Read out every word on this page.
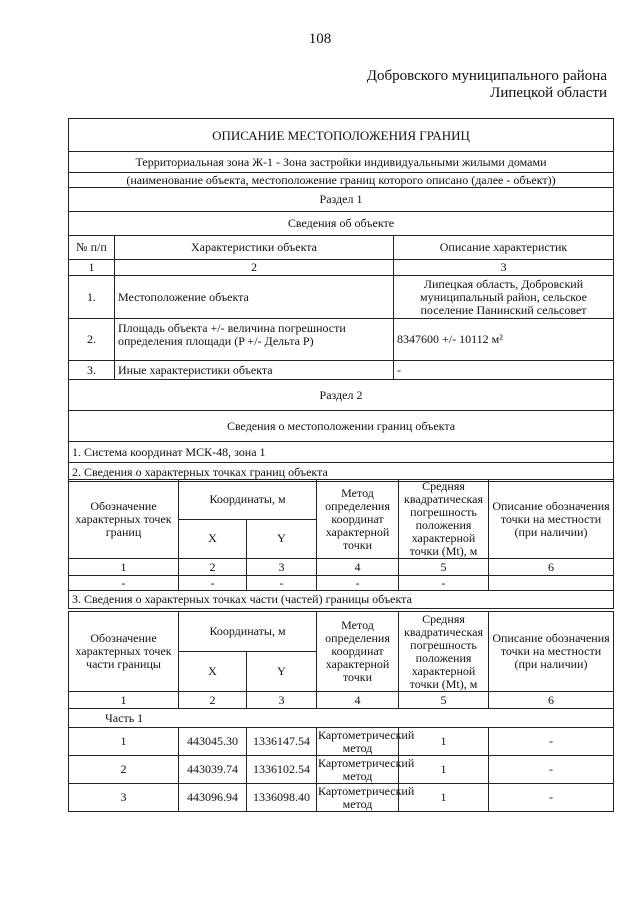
108
Добровского муниципального района
Липецкой области
ОПИСАНИЕ МЕСТОПОЛОЖЕНИЯ ГРАНИЦ		
Территориальная зона Ж-1 - Зона застройки индивидуальными жилыми домами		
(наименование объекта, местоположение границ которого описано (далее - объект))		
Раздел 1		
Сведения об объекте		
№ п/п	Характеристики объекта	Описание характеристик
1	2	3
1.	Местоположение объекта	Липецкая область, Добровский муниципальный район, сельское поселение Панинский сельсовет
2.	Площадь объекта +/- величина погрешности определения площади (P +/- Дельта P)	8347600 +/- 10112 м²
3.	Иные характеристики объекта	-
Раздел 2		
Сведения о местоположении границ объекта		
1. Система координат МСК-48, зона 1		
2. Сведения о характерных точках границ объекта		
Обозначение характерных точек границ	Координаты, м		Метод определения координат характерной точки	Средняя квадратическая погрешность положения характерной точки (Mt), м	Описание обозначения точки на местности (при наличии)
	X	Y			
1	2	3	4	5	6
-	-	-	-	-	
3. Сведения о характерных точках части (частей) границы объекта					
Обозначение характерных точек части границы	Координаты, м		Метод определения координат характерной точки	Средняя квадратическая погрешность положения характерной точки (Mt), м	Описание обозначения точки на местности (при наличии)
	X	Y			
1	2	3	4	5	6
Часть 1					
1	443045.30	1336147.54	Картометрический метод	1	-
2	443039.74	1336102.54	Картометрический метод	1	-
3	443096.94	1336098.40	Картометрический метод	1	-
